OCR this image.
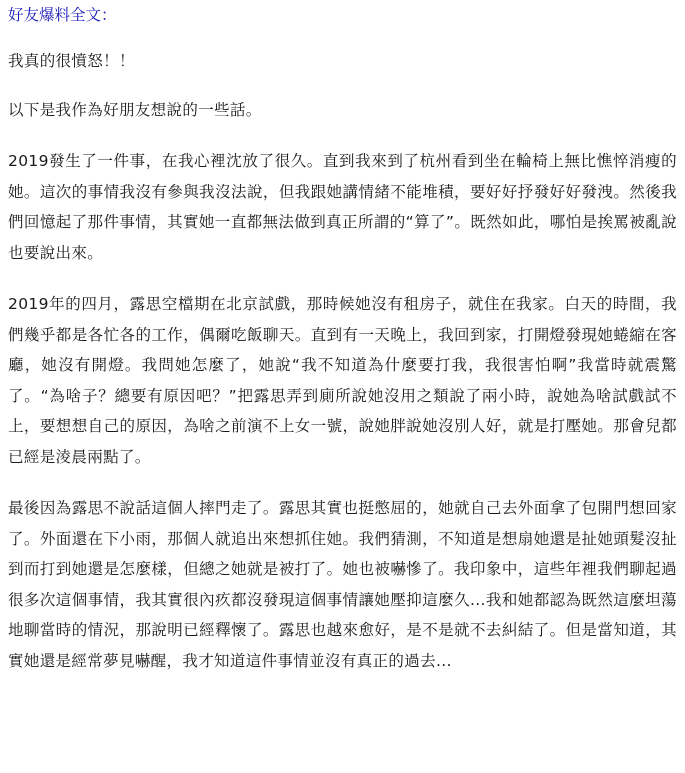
好友爆料全文：

我真的很憤怒！！

以下是我作為好朋友想說的一些話。

2019發生了一件事，在我心裡沈放了很久。直到我來到了杭州看到坐在輪椅上無比憔悴消瘦的她。這次的事情我沒有參與我沒法說，但我跟她講情緒不能堆積，要好好抒發好好發洩。然後我們回憶起了那件事情，其實她一直都無法做到真正所謂的“算了”。既然如此，哪怕是挨罵被亂說也要說出來。

2019年的四月，露思空檔期在北京試戲，那時候她沒有租房子，就住在我家。白天的時間，我們幾乎都是各忙各的工作，偶爾吃飯聊天。直到有一天晚上，我回到家，打開燈發現她蜷縮在客廳，她沒有開燈。我問她怎麼了，她說“我不知道為什麼要打我，我很害怕啊”我當時就震驚了。“為啥子？總要有原因吧？”把露思弄到廁所說她沒用之類說了兩小時，說她為啥試戲試不上，要想想自己的原因，為啥之前演不上女一號，說她胖說她沒別人好，就是打壓她。那會兒都已經是淩晨兩點了。

最後因為露思不說話這個人摔門走了。露思其實也挺憋屈的，她就自己去外面拿了包開門想回家了。外面還在下小雨，那個人就追出來想抓住她。我們猜測，不知道是想扇她還是扯她頭髮沒扯到而打到她還是怎麼樣，但總之她就是被打了。她也被嚇慘了。我印象中，這些年裡我們聊起過很多次這個事情，我其實很內疚都沒發現這個事情讓她壓抑這麼久...我和她都認為既然這麼坦蕩地聊當時的情況，那說明已經釋懷了。露思也越來愈好，是不是就不去糾結了。但是當知道，其實她還是經常夢見嚇醒，我才知道這件事情並沒有真正的過去...
